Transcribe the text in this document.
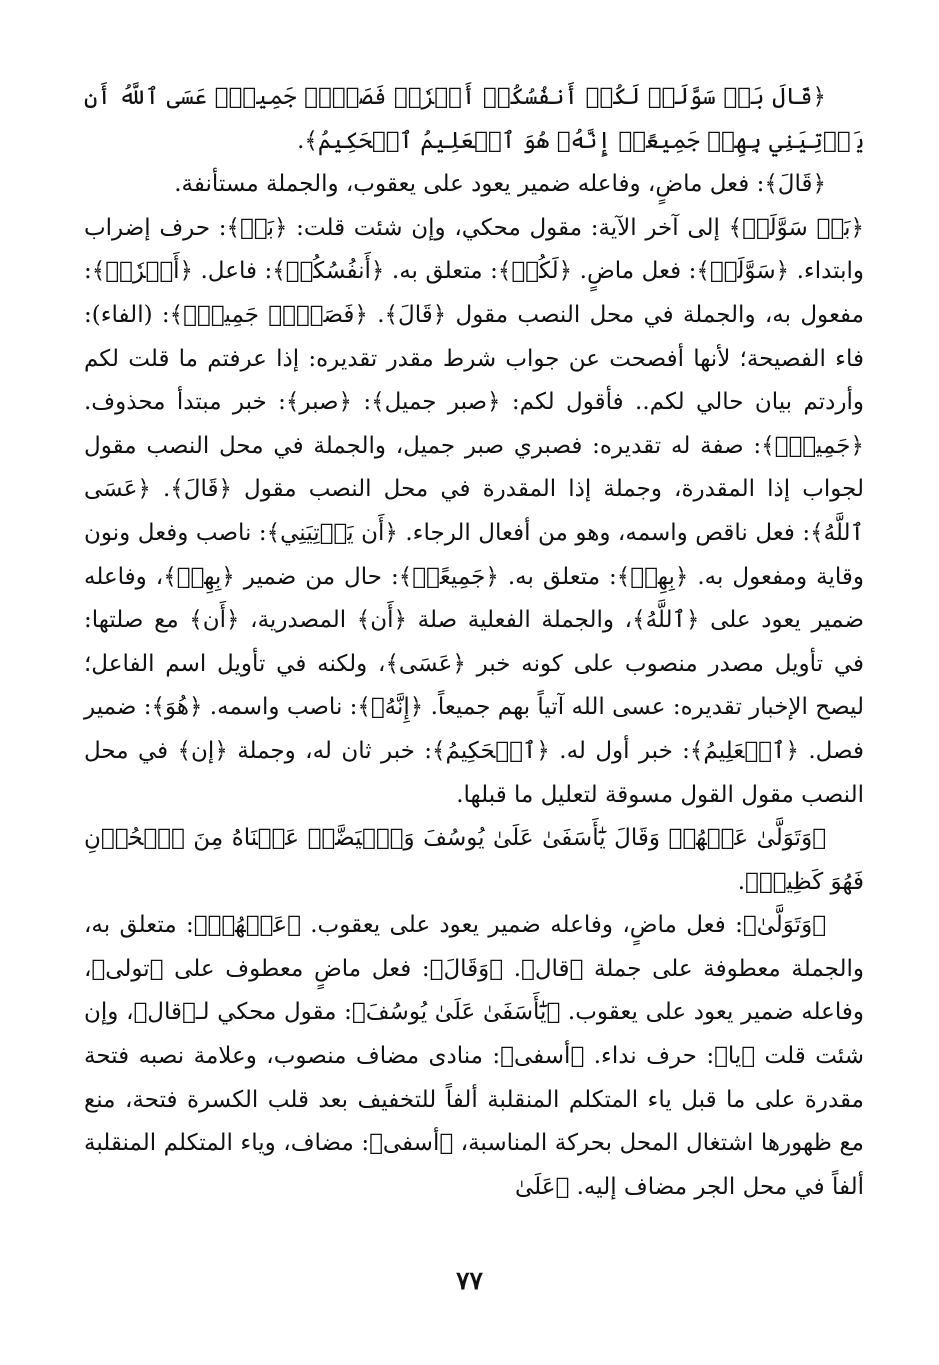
﴿قَالَ بَلۡ سَوَّلَتۡ لَكُمۡ أَنفُسُكُمۡ أَمۡرٗاۖ فَصَبۡرٞ جَمِيلٌۖ عَسَى ٱللَّهُ أَن يَأۡتِيَنِي بِهِمۡ جَمِيعًاۚ إِنَّهُۥ هُوَ ٱلۡعَلِيمُ ٱلۡحَكِيمُ﴾.

﴿قَالَ﴾: فعل ماضٍ، وفاعله ضمير يعود على يعقوب، والجملة مستأنفة.

﴿بَلۡ سَوَّلَتۡ﴾ إلى آخر الآية: مقول محكي، وإن شئت قلت: ﴿بَلۡ﴾: حرف إضراب وابتداء. ﴿سَوَّلَتۡ﴾: فعل ماضٍ. ﴿لَكُمۡ﴾: متعلق به. ﴿أَنفُسُكُمۡ﴾: فاعل. ﴿أَمۡرٗاۖ﴾: مفعول به، والجملة في محل النصب مقول ﴿قَالَ﴾. ﴿فَصَبۡرٞ جَمِيلٌۖ﴾: (الفاء): فاء الفصيحة؛ لأنها أفصحت عن جواب شرط مقدر تقديره: إذا عرفتم ما قلت لكم وأردتم بيان حالي لكم.. فأقول لكم: ﴿صبر جميل﴾: ﴿صبر﴾: خبر مبتدأ محذوف. ﴿جَمِيلٌۖ﴾: صفة له تقديره: فصبري صبر جميل، والجملة في محل النصب مقول لجواب إذا المقدرة، وجملة إذا المقدرة في محل النصب مقول ﴿قَالَ﴾. ﴿عَسَى ٱللَّهُ﴾: فعل ناقص واسمه، وهو من أفعال الرجاء. ﴿أَن يَأۡتِيَنِي﴾: ناصب وفعل ونون وقاية ومفعول به. ﴿بِهِمۡ﴾: متعلق به. ﴿جَمِيعًاۚ﴾: حال من ضمير ﴿بِهِمۡ﴾، وفاعله ضمير يعود على ﴿ٱللَّهُ﴾، والجملة الفعلية صلة ﴿أَن﴾ المصدرية، ﴿أَن﴾ مع صلتها: في تأويل مصدر منصوب على كونه خبر ﴿عَسَى﴾، ولكنه في تأويل اسم الفاعل؛ ليصح الإخبار تقديره: عسى الله آتياً بهم جميعاً. ﴿إِنَّهُۥ﴾: ناصب واسمه. ﴿هُوَ﴾: ضمير فصل. ﴿ٱلۡعَلِيمُ﴾: خبر أول له. ﴿ٱلۡحَكِيمُ﴾: خبر ثان له، وجملة ﴿إن﴾ في محل النصب مقول القول مسوقة لتعليل ما قبلها.

﴿وَتَوَلَّىٰ عَنۡهُمۡ وَقَالَ يَٰٓأَسَفَىٰ عَلَىٰ يُوسُفَ وَٱبۡيَضَّتۡ عَيۡنَاهُ مِنَ ٱلۡحُزۡنِ فَهُوَ كَظِيمٞ﴾.

﴿وَتَوَلَّىٰ﴾: فعل ماضٍ، وفاعله ضمير يعود على يعقوب. ﴿عَنۡهُمۡ﴾: متعلق به، والجملة معطوفة على جملة ﴿قال﴾. ﴿وَقَالَ﴾: فعل ماضٍ معطوف على ﴿تولى﴾، وفاعله ضمير يعود على يعقوب. ﴿يَٰٓأَسَفَىٰ عَلَىٰ يُوسُفَ﴾: مقول محكي لـ﴿قال﴾، وإن شئت قلت ﴿يا﴾: حرف نداء. ﴿أسفى﴾: منادى مضاف منصوب، وعلامة نصبه فتحة مقدرة على ما قبل ياء المتكلم المنقلبة ألفاً للتخفيف بعد قلب الكسرة فتحة، منع مع ظهورها اشتغال المحل بحركة المناسبة، ﴿أسفى﴾: مضاف، وياء المتكلم المنقلبة ألفاً في محل الجر مضاف إليه. ﴿عَلَىٰ

٧٧
